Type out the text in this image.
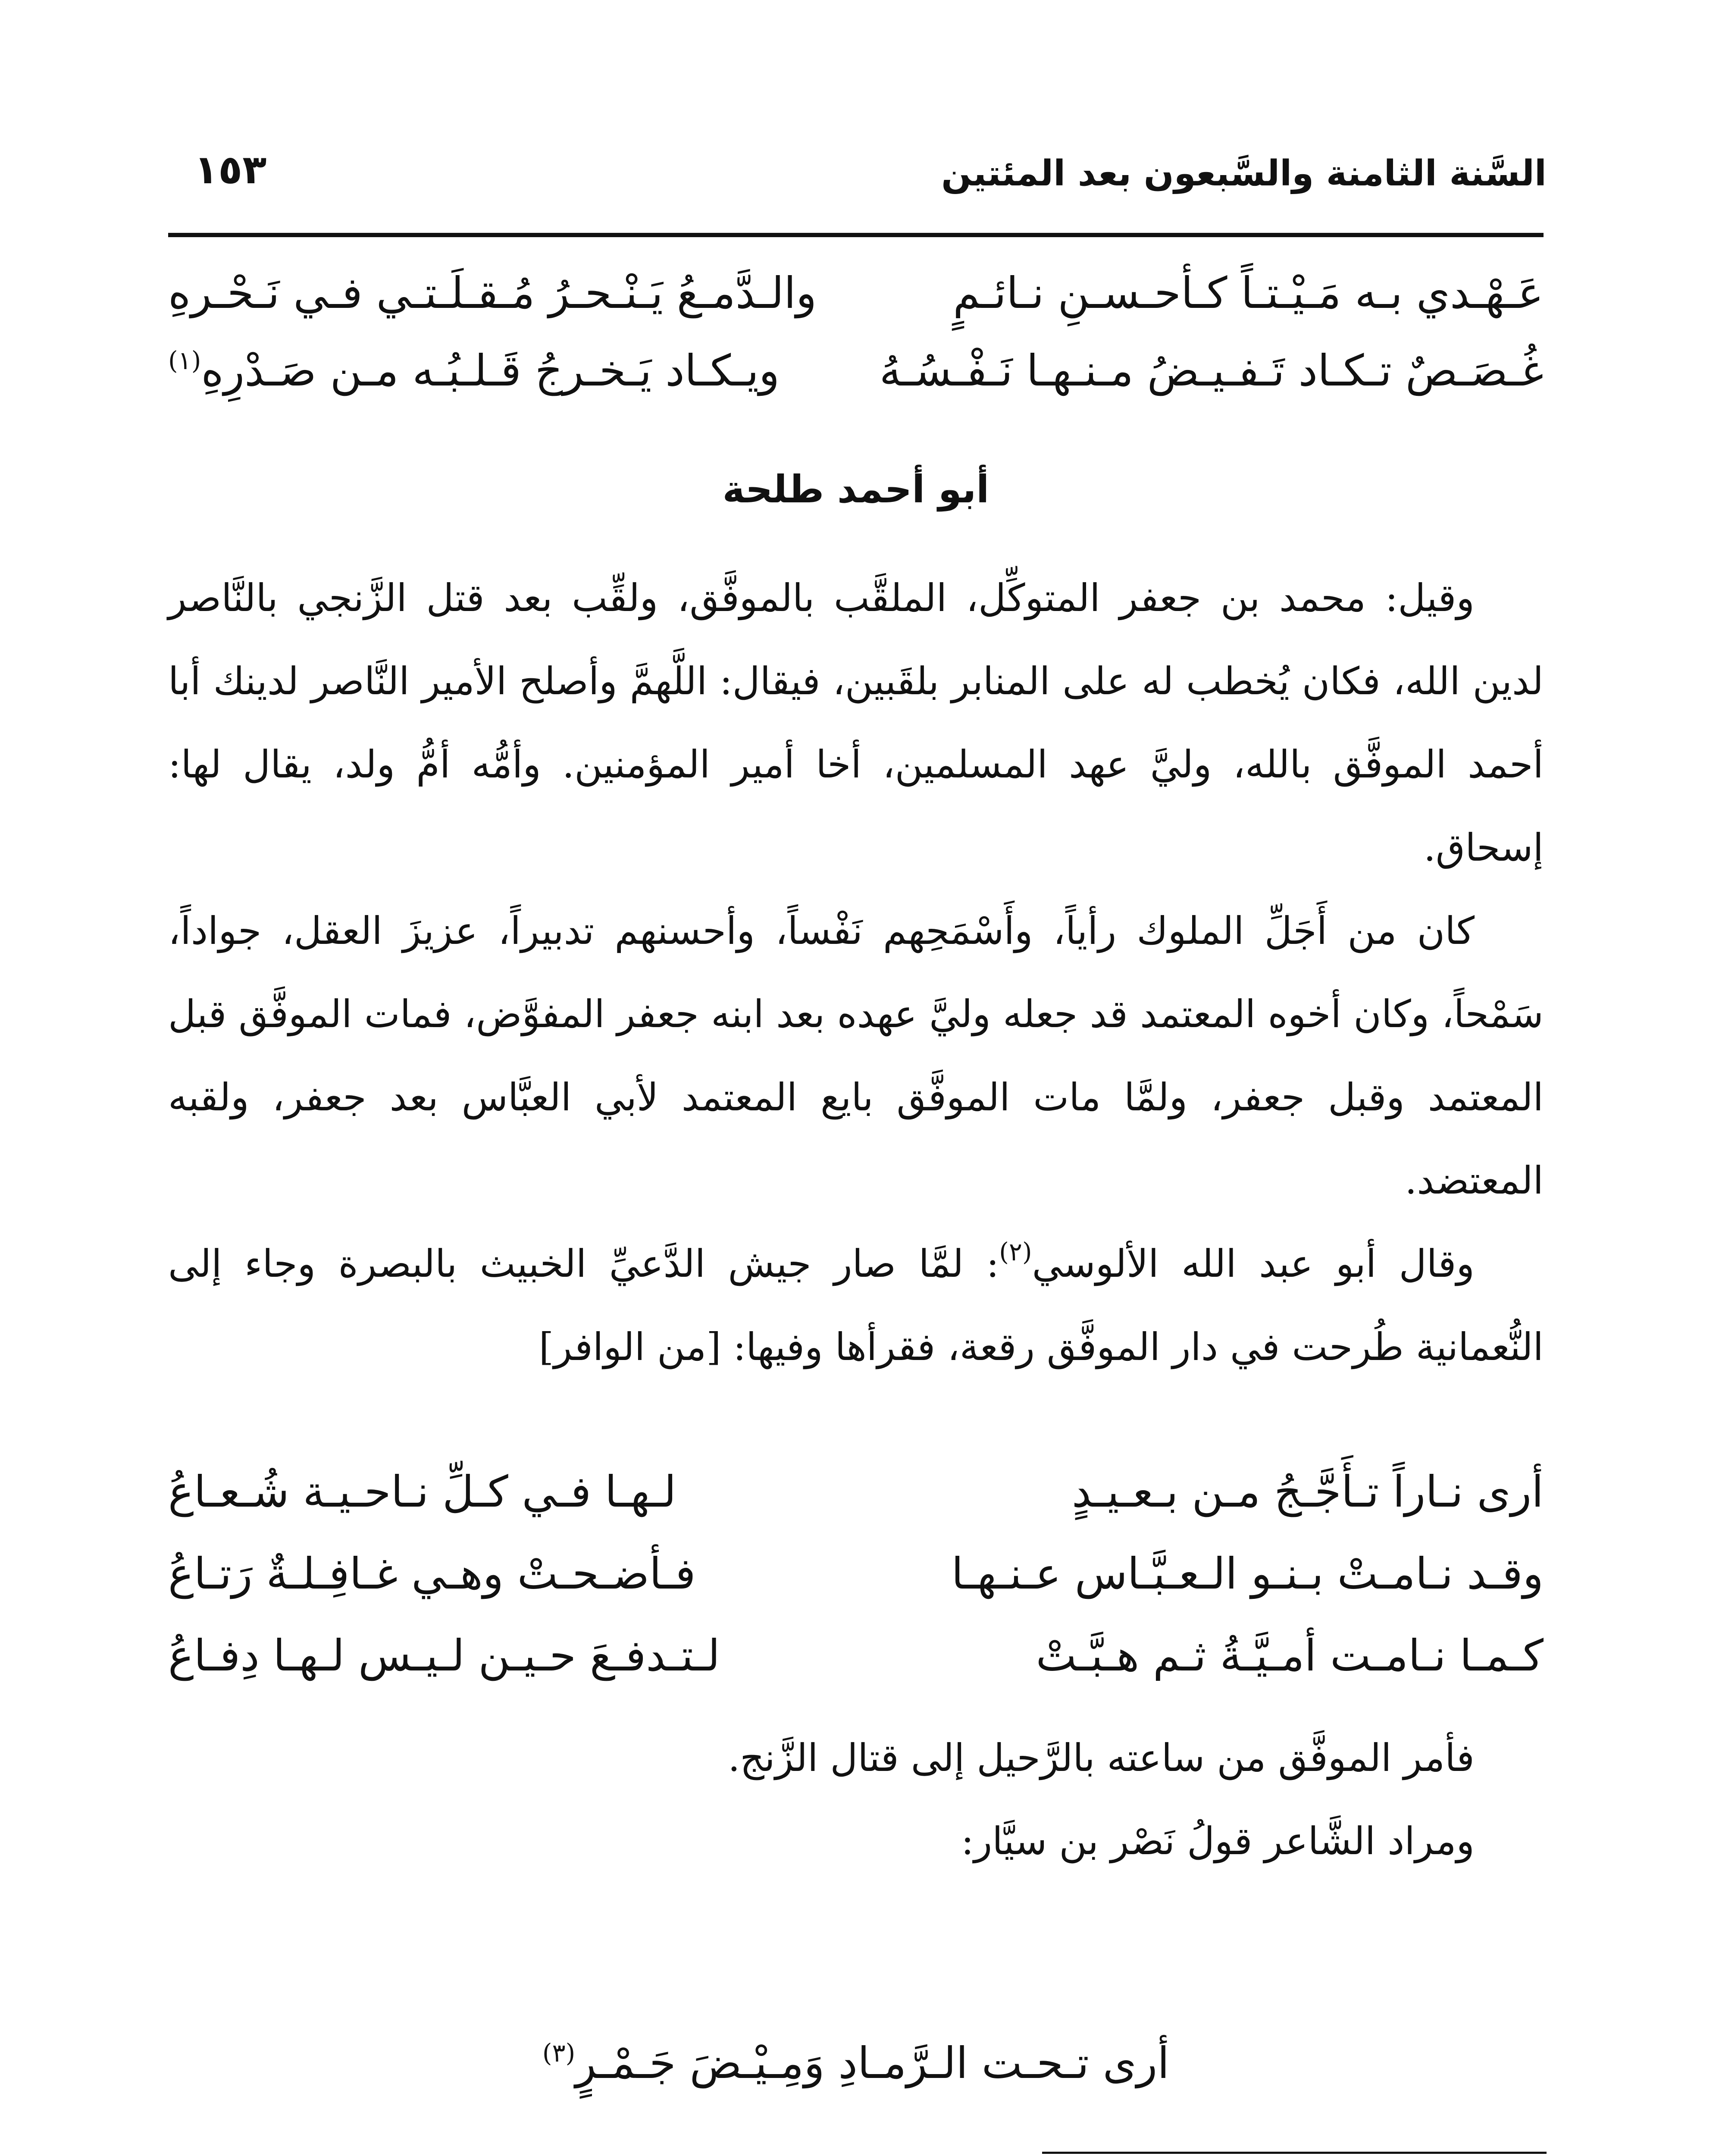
السَّنة الثامنة والسَّبعون بعد المئتين
١٥٣
عَـهْـدي بـه مَـيْـتـاً كـأحـسـنِ نـائـمٍ
والـدَّمـعُ يَـنْـحـرُ مُـقـلَـتـي فـي نَـحْـرهِ
غُـصَـصٌ تـكـاد تَـفـيـضُ مـنـهـا نَـفْـسُـهُ
ويـكـاد يَـخـرجُ قَـلـبُـه مـن صَـدْرِهِ$^{(١)}$
أبو أحمد طلحة

وقيل: محمد بن جعفر المتوكِّل، الملقَّب بالموفَّق، ولقِّب بعد قتل الزَّنجي بالنَّاصر لدين الله، فكان يُخطب له على المنابر بلقَبين، فيقال: اللَّهمَّ وأصلح الأمير النَّاصر لدينك أبا أحمد الموفَّق بالله، وليَّ عهد المسلمين، أخا أمير المؤمنين. وأمُّه أمُّ ولد، يقال لها: إسحاق.

كان من أَجَلِّ الملوك رأياً، وأَسْمَحِهم نَفْساً، وأحسنهم تدبيراً، عزيزَ العقل، جواداً، سَمْحاً، وكان أخوه المعتمد قد جعله وليَّ عهده بعد ابنه جعفر المفوَّض، فمات الموفَّق قبل المعتمد وقبل جعفر، ولمَّا مات الموفَّق بايع المعتمد لأبي العبَّاس بعد جعفر، ولقبه المعتضد.

وقال أبو عبد الله الألوسي$^{(٢)}$: لمَّا صار جيش الدَّعيِّ الخبيث بالبصرة وجاء إلى النُّعمانية طُرحت في دار الموفَّق رقعة، فقرأها وفيها: [من الوافر]

أرى نـاراً تـأَجَّـجُ مـن بـعـيـدٍ
لـهـا فـي كـلِّ نـاحـيـة شُـعـاعُ
وقـد نـامـتْ بـنـو الـعـبَّـاس عـنـهـا
فـأضـحـتْ وهـي غـافِـلـةٌ رَتـاعُ
كـمـا نـامـت أمـيَّـةُ ثـم هـبَّـتْ
لـتـدفـعَ حـيـن لـيـس لـهـا دِفـاعُ

فأمر الموفَّق من ساعته بالرَّحيل إلى قتال الزَّنج.

ومراد الشَّاعر قولُ نَصْر بن سيَّار:

أرى تـحـت الـرَّمـادِ وَمِـيْـضَ جَـمْـرٍ$^{(٣)}$
